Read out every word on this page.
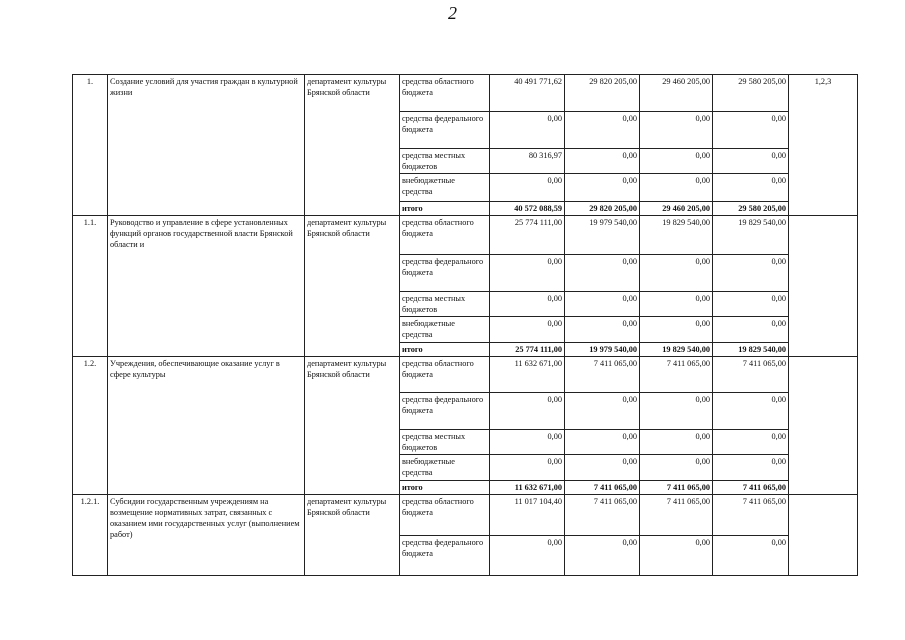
2
1.	Создание условий для участия граждан в культурной жизни	департамент культуры Брянской области	средства областного бюджета	40 491 771,62	29 820 205,00	29 460 205,00	29 580 205,00	1,2,3
			средства федерального бюджета	0,00	0,00	0,00	0,00	
			средства местных бюджетов	80 316,97	0,00	0,00	0,00	
			внебюджетные средства	0,00	0,00	0,00	0,00	
			итого	40 572 088,59	29 820 205,00	29 460 205,00	29 580 205,00	
1.1.	Руководство и управление в сфере установленных функций органов государственной власти Брянской области и	департамент культуры Брянской области	средства областного бюджета	25 774 111,00	19 979 540,00	19 829 540,00	19 829 540,00	
			средства федерального бюджета	0,00	0,00	0,00	0,00	
			средства местных бюджетов	0,00	0,00	0,00	0,00	
			внебюджетные средства	0,00	0,00	0,00	0,00	
			итого	25 774 111,00	19 979 540,00	19 829 540,00	19 829 540,00	
1.2.	Учреждения, обеспечивающие оказание услуг в сфере культуры	департамент культуры Брянской области	средства областного бюджета	11 632 671,00	7 411 065,00	7 411 065,00	7 411 065,00	
			средства федерального бюджета	0,00	0,00	0,00	0,00	
			средства местных бюджетов	0,00	0,00	0,00	0,00	
			внебюджетные средства	0,00	0,00	0,00	0,00	
			итого	11 632 671,00	7 411 065,00	7 411 065,00	7 411 065,00	
1.2.1.	Субсидии государственным учреждениям на возмещение нормативных затрат, связанных с оказанием ими государственных услуг (выполнением работ)	департамент культуры Брянской области	средства областного бюджета	11 017 104,40	7 411 065,00	7 411 065,00	7 411 065,00	
			средства федерального бюджета	0,00	0,00	0,00	0,00	
